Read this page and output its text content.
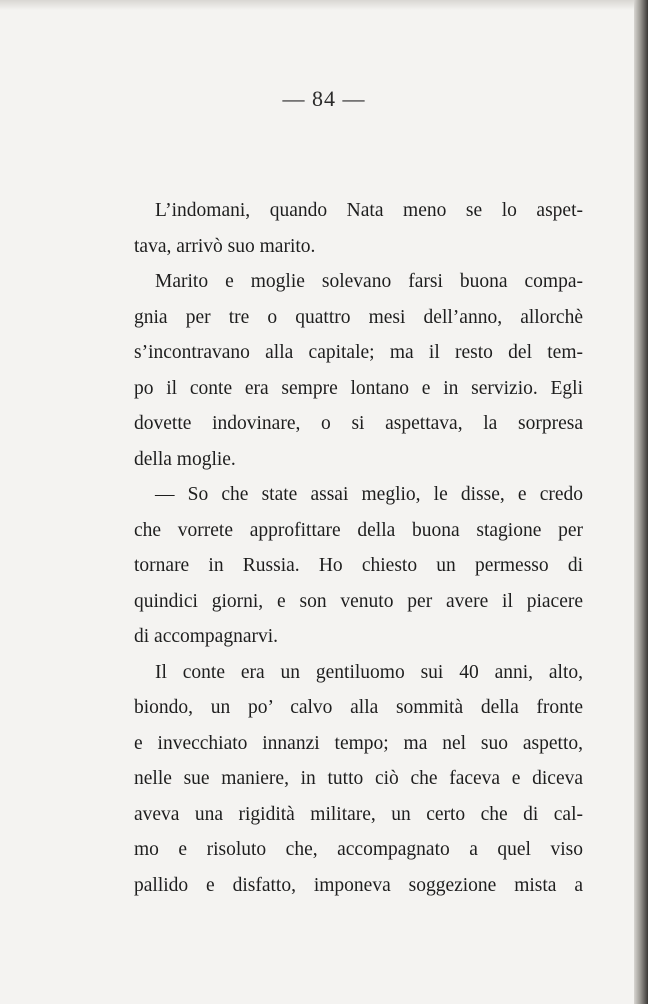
— 84 —
L’indomani, quando Nata meno se lo aspet-
tava, arrivò suo marito.
Marito e moglie solevano farsi buona compa-
gnia per tre o quattro mesi dell’anno, allorchè
s’incontravano alla capitale; ma il resto del tem-
po il conte era sempre lontano e in servizio. Egli
dovette indovinare, o si aspettava, la sorpresa
della moglie.
— So che state assai meglio, le disse, e credo
che vorrete approfittare della buona stagione per
tornare in Russia. Ho chiesto un permesso di
quindici giorni, e son venuto per avere il piacere
di accompagnarvi.
Il conte era un gentiluomo sui 40 anni, alto,
biondo, un po’ calvo alla sommità della fronte
e invecchiato innanzi tempo; ma nel suo aspetto,
nelle sue maniere, in tutto ciò che faceva e diceva
aveva una rigidità militare, un certo che di cal-
mo e risoluto che, accompagnato a quel viso
pallido e disfatto, imponeva soggezione mista a
